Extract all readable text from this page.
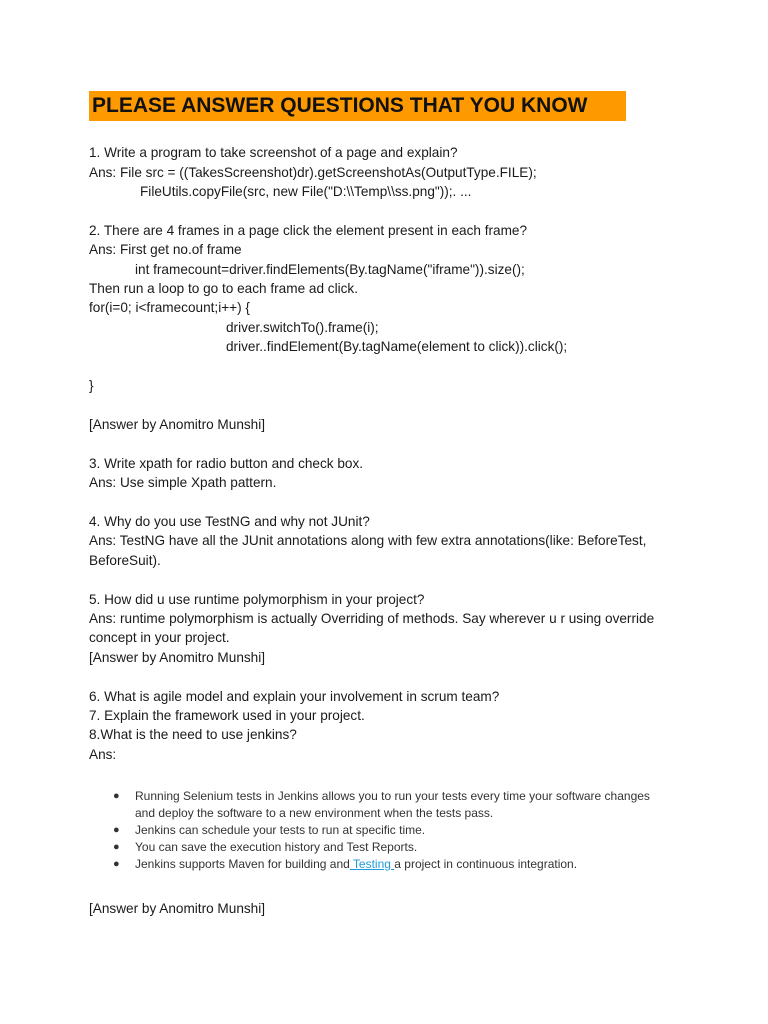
PLEASE ANSWER QUESTIONS THAT YOU KNOW
1. Write a program to take screenshot of a page and explain?
Ans: File src = ((TakesScreenshot)dr).getScreenshotAs(OutputType.FILE);
FileUtils.copyFile(src, new File("D:\\Temp\\ss.png"));. ...
2. There are 4 frames in a page click the element present in each frame?
Ans: First get no.of frame
int framecount=driver.findElements(By.tagName("iframe")).size();
Then run a loop to go to each frame ad click.
for(i=0; i<framecount;i++) {
driver.switchTo().frame(i);
driver..findElement(By.tagName(element to click)).click();
}
[Answer by Anomitro Munshi]
3. Write xpath for radio button and check box.
Ans: Use simple Xpath pattern.
4. Why do you use TestNG and why not JUnit?
Ans: TestNG have all the JUnit annotations along with few extra annotations(like: BeforeTest,
BeforeSuit).
5. How did u use runtime polymorphism in your project?
Ans: runtime polymorphism is actually Overriding of methods. Say wherever u r using override
concept in your project.
[Answer by Anomitro Munshi]
6. What is agile model and explain your involvement in scrum team?
7. Explain the framework used in your project.
8.What is the need to use jenkins?
Ans:
● Running Selenium tests in Jenkins allows you to run your tests every time your software changes
and deploy the software to a new environment when the tests pass.
● Jenkins can schedule your tests to run at specific time.
● You can save the execution history and Test Reports.
● Jenkins supports Maven for building and Testing a project in continuous integration.
[Answer by Anomitro Munshi]
